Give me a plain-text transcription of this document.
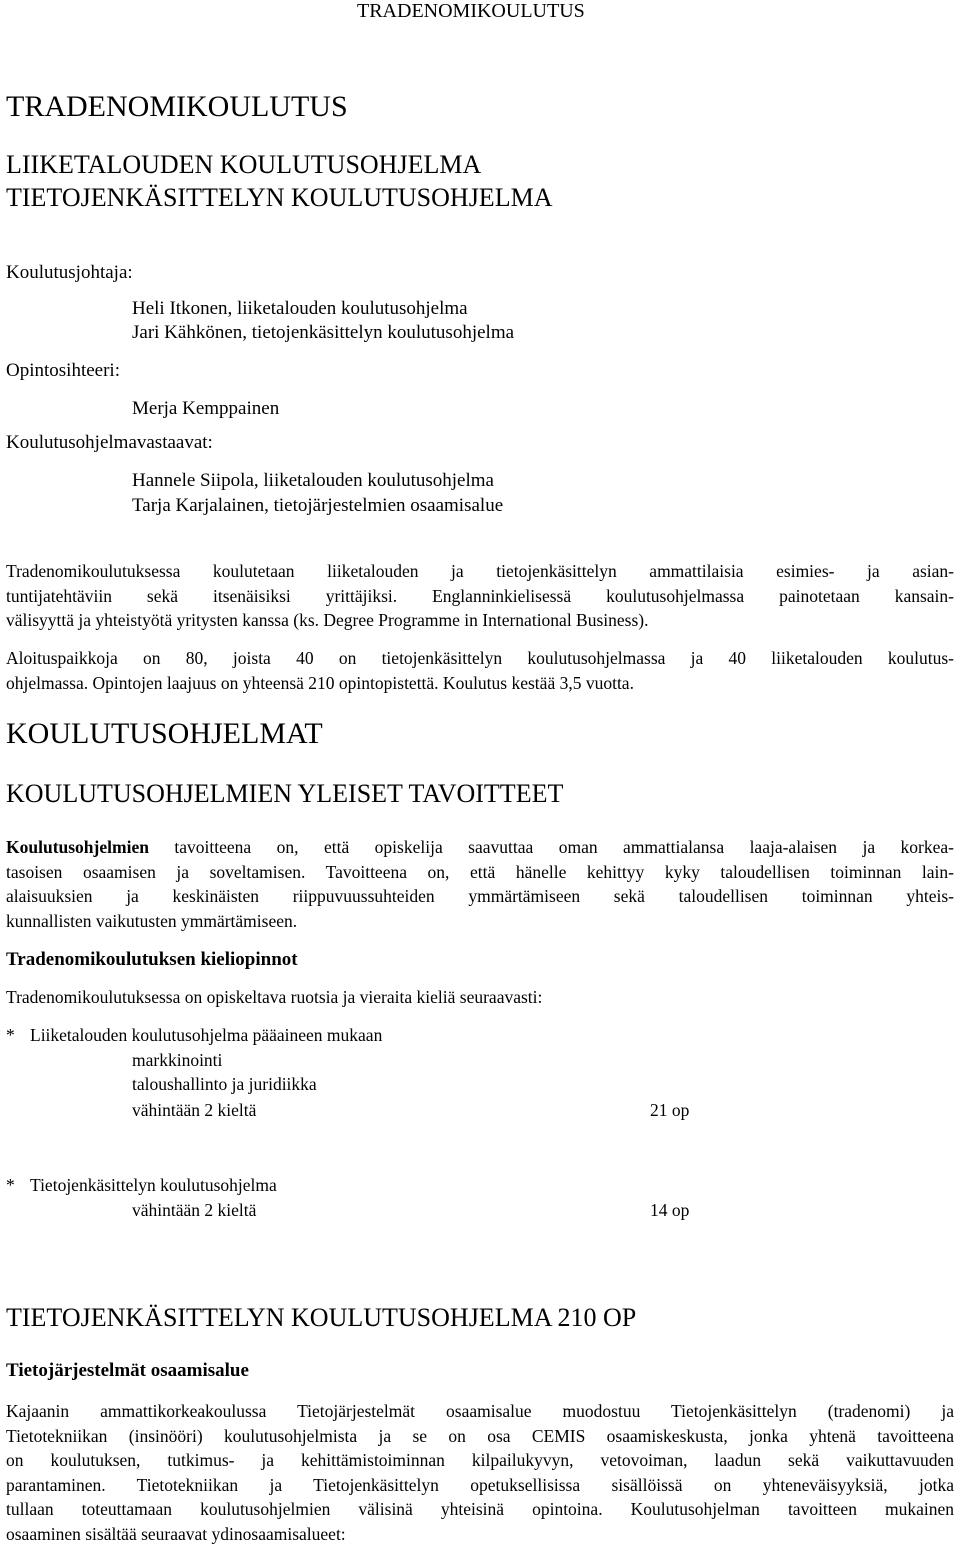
TRADENOMIKOULUTUS
TRADENOMIKOULUTUS
LIIKETALOUDEN KOULUTUSOHJELMA
TIETOJENKÄSITTELYN KOULUTUSOHJELMA
Koulutusjohtaja:
Heli Itkonen, liiketalouden koulutusohjelma
Jari Kähkönen, tietojenkäsittelyn koulutusohjelma
Opintosihteeri:
Merja Kemppainen
Koulutusohjelmavastaavat:
Hannele Siipola, liiketalouden koulutusohjelma
Tarja Karjalainen, tietojärjestelmien osaamisalue
Tradenomikoulutuksessa koulutetaan liiketalouden ja tietojenkäsittelyn ammattilaisia esimies- ja asian-
tuntijatehtäviin sekä itsenäisiksi yrittäjiksi. Englanninkielisessä koulutusohjelmassa painotetaan kansain-
välisyyttä ja yhteistyötä yritysten kanssa (ks. Degree Programme in International Business).
Aloituspaikkoja on 80, joista 40 on tietojenkäsittelyn koulutusohjelmassa ja 40 liiketalouden koulutus-
ohjelmassa. Opintojen laajuus on yhteensä 210 opintopistettä. Koulutus kestää 3,5 vuotta.
KOULUTUSOHJELMAT
KOULUTUSOHJELMIEN YLEISET TAVOITTEET
Koulutusohjelmien tavoitteena on, että opiskelija saavuttaa oman ammattialansa laaja-alaisen ja korkea-
tasoisen osaamisen ja soveltamisen. Tavoitteena on, että hänelle kehittyy kyky taloudellisen toiminnan lain-
alaisuuksien ja keskinäisten riippuvuussuhteiden ymmärtämiseen sekä taloudellisen toiminnan yhteis-
kunnallisten vaikutusten ymmärtämiseen.
Tradenomikoulutuksen kieliopinnot
Tradenomikoulutuksessa on opiskeltava ruotsia ja vieraita kieliä seuraavasti:
* Liiketalouden koulutusohjelma pääaineen mukaan
markkinointi
taloushallinto ja juridiikka
vähintään 2 kieltä	21 op
* Tietojenkäsittelyn koulutusohjelma
vähintään 2 kieltä	14 op
TIETOJENKÄSITTELYN KOULUTUSOHJELMA 210 OP
Tietojärjestelmät osaamisalue
Kajaanin ammattikorkeakoulussa Tietojärjestelmät osaamisalue muodostuu Tietojenkäsittelyn (tradenomi) ja
Tietotekniikan (insinööri) koulutusohjelmista ja se on osa CEMIS osaamiskeskusta, jonka yhtenä tavoitteena
on koulutuksen, tutkimus- ja kehittämistoiminnan kilpailukyvyn, vetovoiman, laadun sekä vaikuttavuuden
parantaminen. Tietotekniikan ja Tietojenkäsittelyn opetuksellisissa sisällöissä on yhteneväisyyksiä, jotka
tullaan toteuttamaan koulutusohjelmien välisinä yhteisinä opintoina. Koulutusohjelman tavoitteen mukainen
osaaminen sisältää seuraavat ydinosaamisalueet:
